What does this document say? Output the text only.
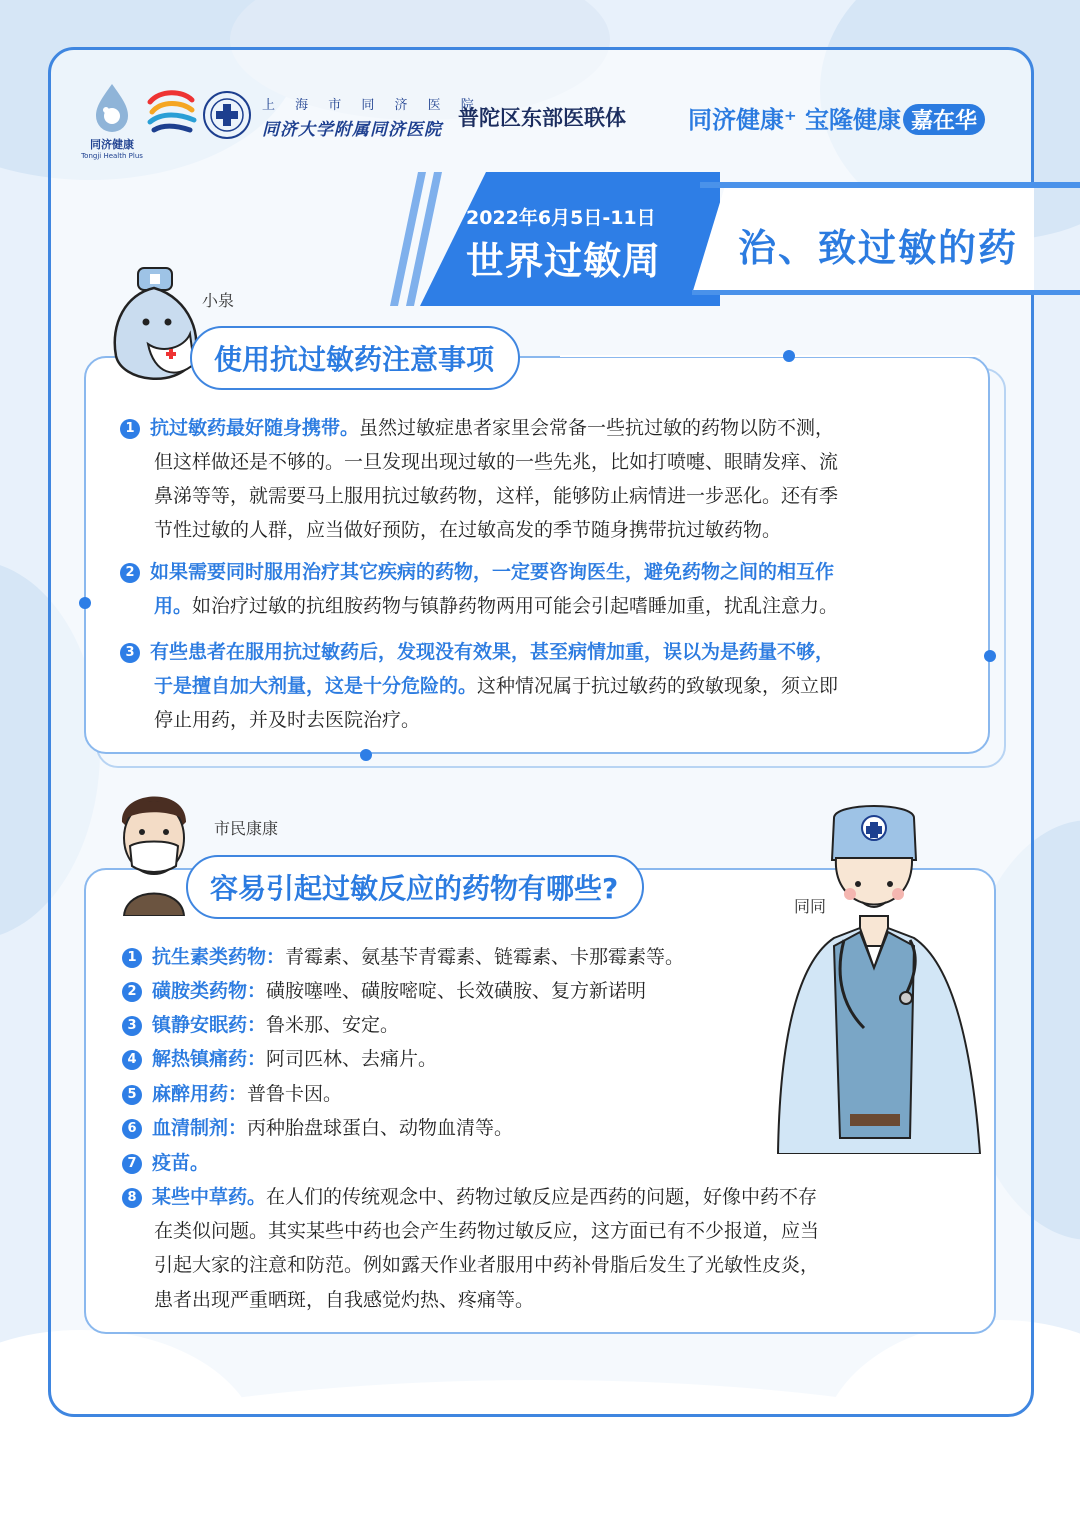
同济健康
Tongji Health Plus
上 海 市 同 济 医 院
同济大学附属同济医院 普陀区东部医联体	同济健康⁺ 宝隆健康 嘉在华
2022年6月5日-11日
世界过敏周 治、致过敏的药
小泉
使用抗过敏药注意事项
1 抗过敏药最好随身携带。虽然过敏症患者家里会常备一些抗过敏的药物以防不测，
但这样做还是不够的。一旦发现出现过敏的一些先兆，比如打喷嚏、眼睛发痒、流
鼻涕等等，就需要马上服用抗过敏药物，这样，能够防止病情进一步恶化。还有季
节性过敏的人群，应当做好预防，在过敏高发的季节随身携带抗过敏药物。
2 如果需要同时服用治疗其它疾病的药物，一定要咨询医生，避免药物之间的相互作
用。如治疗过敏的抗组胺药物与镇静药物两用可能会引起嗜睡加重，扰乱注意力。
3 有些患者在服用抗过敏药后，发现没有效果，甚至病情加重，误以为是药量不够，
于是擅自加大剂量，这是十分危险的。这种情况属于抗过敏药的致敏现象，须立即
停止用药，并及时去医院治疗。
市民康康
容易引起过敏反应的药物有哪些?
同同
1 抗生素类药物：青霉素、氨基苄青霉素、链霉素、卡那霉素等。
2 磺胺类药物：磺胺噻唑、磺胺嘧啶、长效磺胺、复方新诺明
3 镇静安眠药：鲁米那、安定。
4 解热镇痛药：阿司匹林、去痛片。
5 麻醉用药：普鲁卡因。
6 血清制剂：丙种胎盘球蛋白、动物血清等。
7 疫苗。
8 某些中草药。在人们的传统观念中、药物过敏反应是西药的问题，好像中药不存
在类似问题。其实某些中药也会产生药物过敏反应，这方面已有不少报道，应当
引起大家的注意和防范。例如露天作业者服用中药补骨脂后发生了光敏性皮炎，
患者出现严重晒斑，自我感觉灼热、疼痛等。
